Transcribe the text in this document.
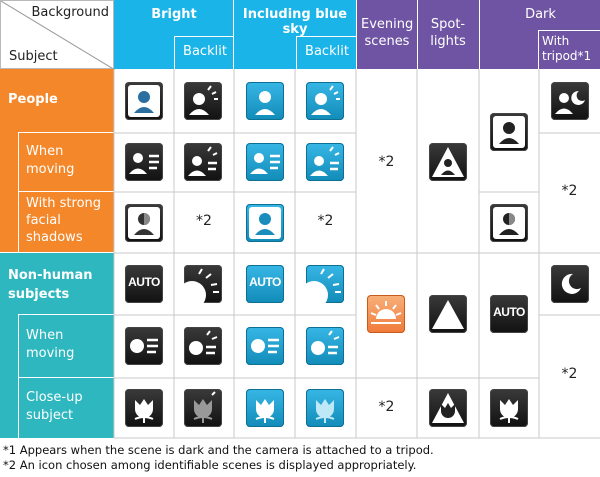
Background
Subject
Bright
Backlit
Including blue sky
Backlit
Evening scenes
Spot-lights
Dark
With tripod*1
People
When moving
With strong facial shadows
Non-human subjects
When moving
Close-up subject
AUTO	AUTO
AUTO
*2	*2
*2
*2
*2
*2
*1 Appears when the scene is dark and the camera is attached to a tripod.
*2 An icon chosen among identifiable scenes is displayed appropriately.
